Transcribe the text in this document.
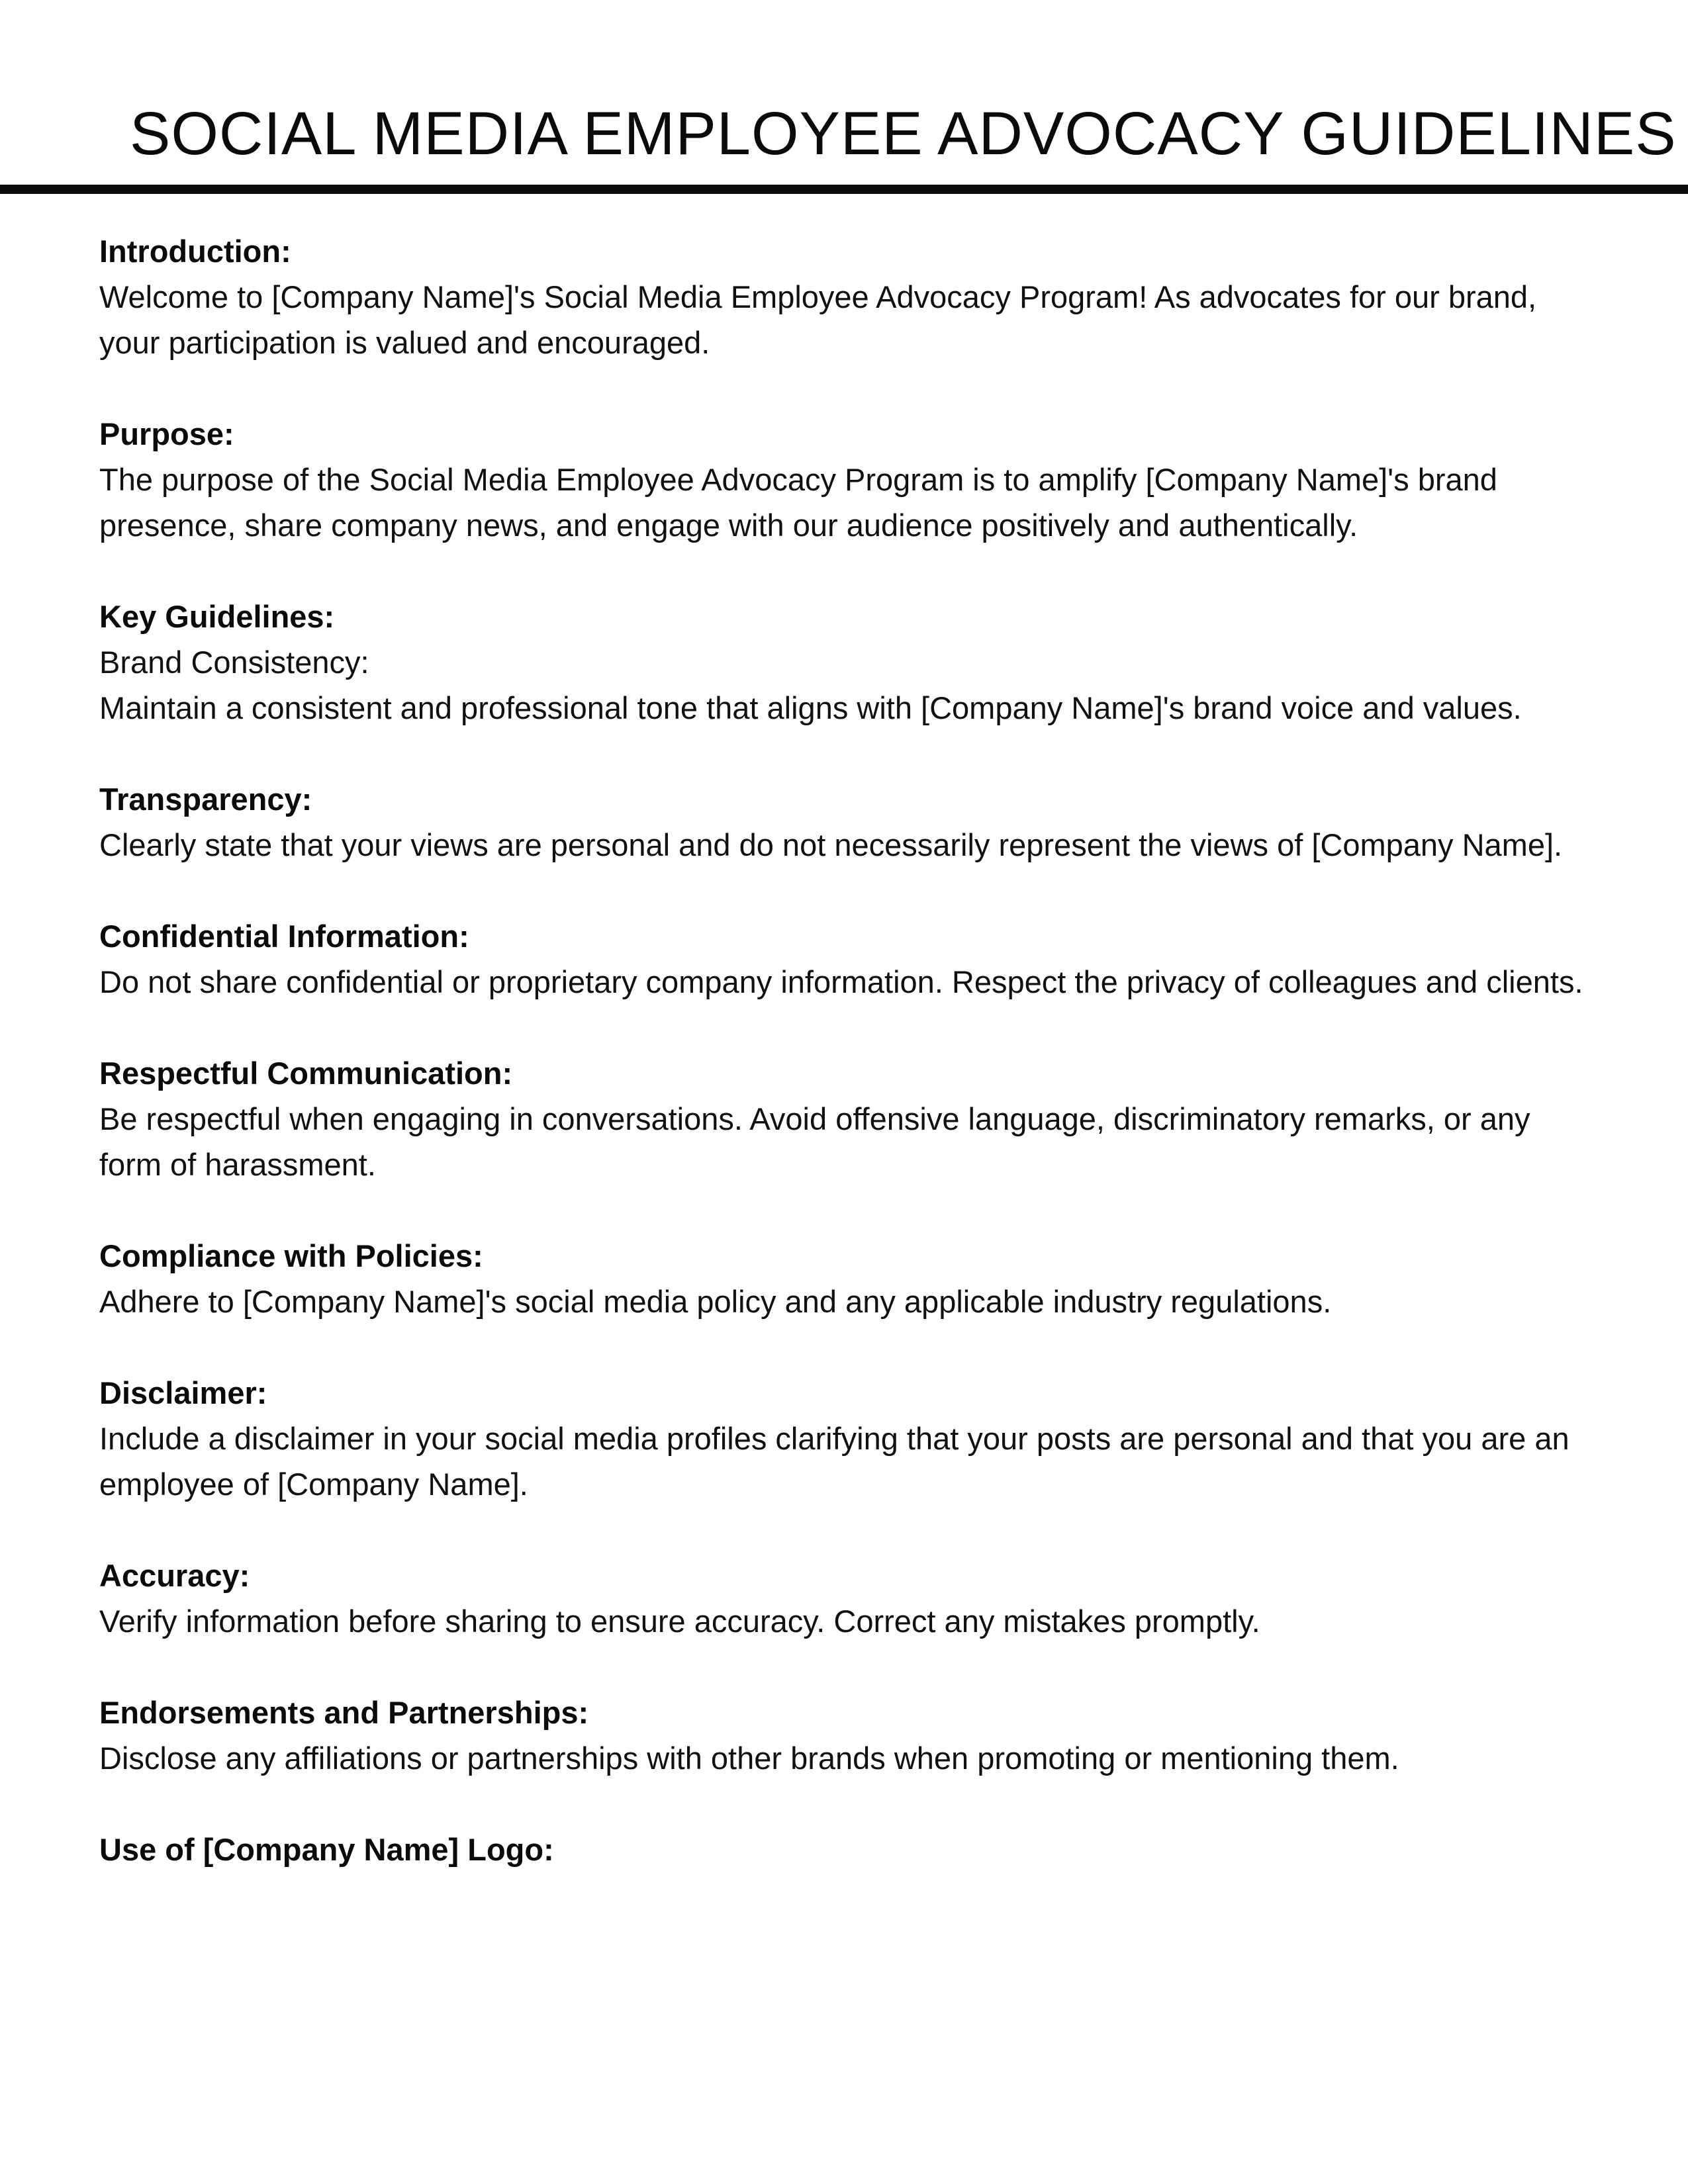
SOCIAL MEDIA EMPLOYEE ADVOCACY GUIDELINES

Introduction:

Welcome to [Company Name]'s Social Media Employee Advocacy Program! As advocates for our brand, your participation is valued and encouraged.

Purpose:

The purpose of the Social Media Employee Advocacy Program is to amplify [Company Name]'s brand presence, share company news, and engage with our audience positively and authentically.

Key Guidelines:

Brand Consistency:

Maintain a consistent and professional tone that aligns with [Company Name]'s brand voice and values.

Transparency:

Clearly state that your views are personal and do not necessarily represent the views of [Company Name].

Confidential Information:

Do not share confidential or proprietary company information. Respect the privacy of colleagues and clients.

Respectful Communication:

Be respectful when engaging in conversations. Avoid offensive language, discriminatory remarks, or any form of harassment.

Compliance with Policies:

Adhere to [Company Name]'s social media policy and any applicable industry regulations.

Disclaimer:

Include a disclaimer in your social media profiles clarifying that your posts are personal and that you are an employee of [Company Name].

Accuracy:

Verify information before sharing to ensure accuracy. Correct any mistakes promptly.

Endorsements and Partnerships:

Disclose any affiliations or partnerships with other brands when promoting or mentioning them.

Use of [Company Name] Logo:
